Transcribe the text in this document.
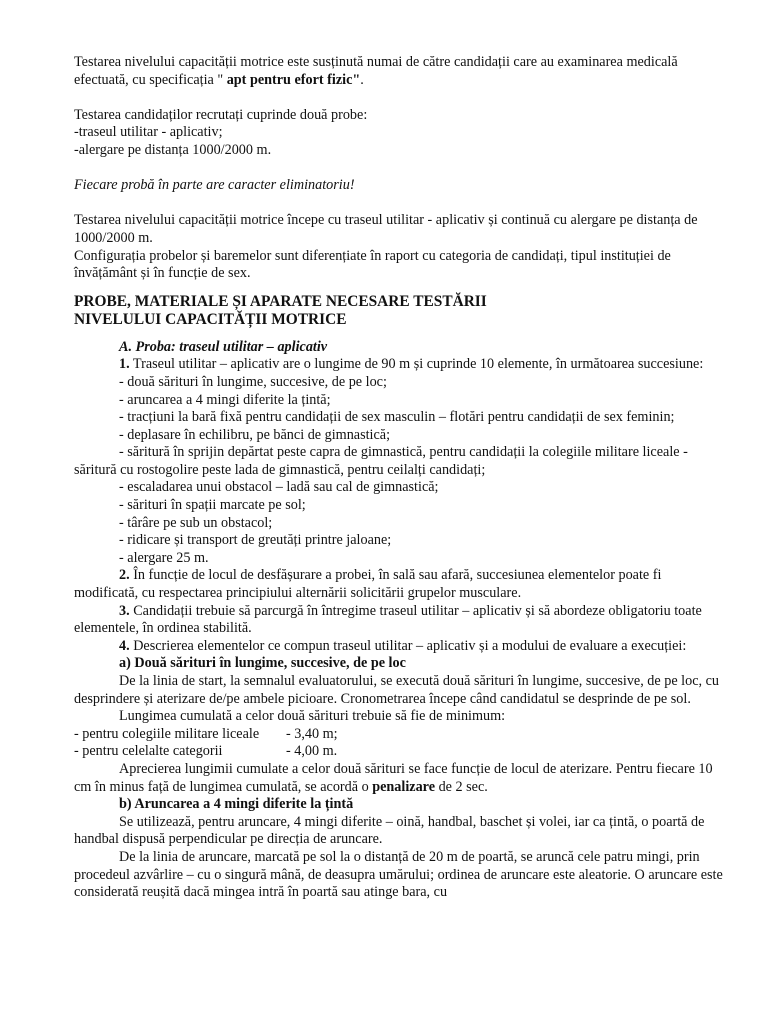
Testarea nivelului capacității motrice este susținută numai de către candidații care au examinarea medicală efectuată, cu specificația " apt pentru efort fizic".

Testarea candidaților recrutați cuprinde două probe:

-traseul utilitar - aplicativ;

-alergare pe distanța 1000/2000 m.

Fiecare probă în parte are caracter eliminatoriu!

Testarea nivelului capacității motrice începe cu traseul utilitar - aplicativ și continuă cu alergare pe distanța de 1000/2000 m.

Configurația probelor și baremelor sunt diferențiate în raport cu categoria de candidați, tipul instituției de învățământ și în funcție de sex.

PROBE, MATERIALE ȘI APARATE NECESARE TESTĂRII
NIVELULUI CAPACITĂȚII MOTRICE

A. Proba: traseul utilitar – aplicativ

1. Traseul utilitar – aplicativ are o lungime de 90 m și cuprinde 10 elemente, în următoarea succesiune:

- două sărituri în lungime, succesive, de pe loc;

- aruncarea a 4 mingi diferite la țintă;

- tracțiuni la bară fixă pentru candidații de sex masculin – flotări pentru candidații de sex feminin;

- deplasare în echilibru, pe bănci de gimnastică;

- săritură în sprijin depărtat peste capra de gimnastică, pentru candidații la colegiile militare liceale - săritură cu rostogolire peste lada de gimnastică, pentru ceilalți candidați;

- escaladarea unui obstacol – ladă sau cal de gimnastică;

- sărituri în spații marcate pe sol;

- târâre pe sub un obstacol;

- ridicare și transport de greutăți printre jaloane;

- alergare 25 m.

2. În funcție de locul de desfășurare a probei, în sală sau afară, succesiunea elementelor poate fi modificată, cu respectarea principiului alternării solicitării grupelor musculare.

3. Candidații trebuie să parcurgă în întregime traseul utilitar – aplicativ și să abordeze obligatoriu toate elementele, în ordinea stabilită.

4. Descrierea elementelor ce compun traseul utilitar – aplicativ și a modului de evaluare a execuției:

a) Două sărituri în lungime, succesive, de pe loc

De la linia de start, la semnalul evaluatorului, se execută două sărituri în lungime, succesive, de pe loc, cu desprindere și aterizare de/pe ambele picioare. Cronometrarea începe când candidatul se desprinde de pe sol.

Lungimea cumulată a celor două sărituri trebuie să fie de minimum:

- pentru colegiile militare liceale - 3,40 m;

- pentru celelalte categorii	- 4,00 m.

Aprecierea lungimii cumulate a celor două sărituri se face funcție de locul de aterizare. Pentru fiecare 10 cm în minus față de lungimea cumulată, se acordă o penalizare de 2 sec.

b) Aruncarea a 4 mingi diferite la țintă

Se utilizează, pentru aruncare, 4 mingi diferite – oină, handbal, baschet și volei, iar ca țintă, o poartă de handbal dispusă perpendicular pe direcția de aruncare.

De la linia de aruncare, marcată pe sol la o distanță de 20 m de poartă, se aruncă cele patru mingi, prin procedeul azvârlire – cu o singură mână, de deasupra umărului; ordinea de aruncare este aleatorie. O aruncare este considerată reușită dacă mingea intră în poartă sau atinge bara, cu
